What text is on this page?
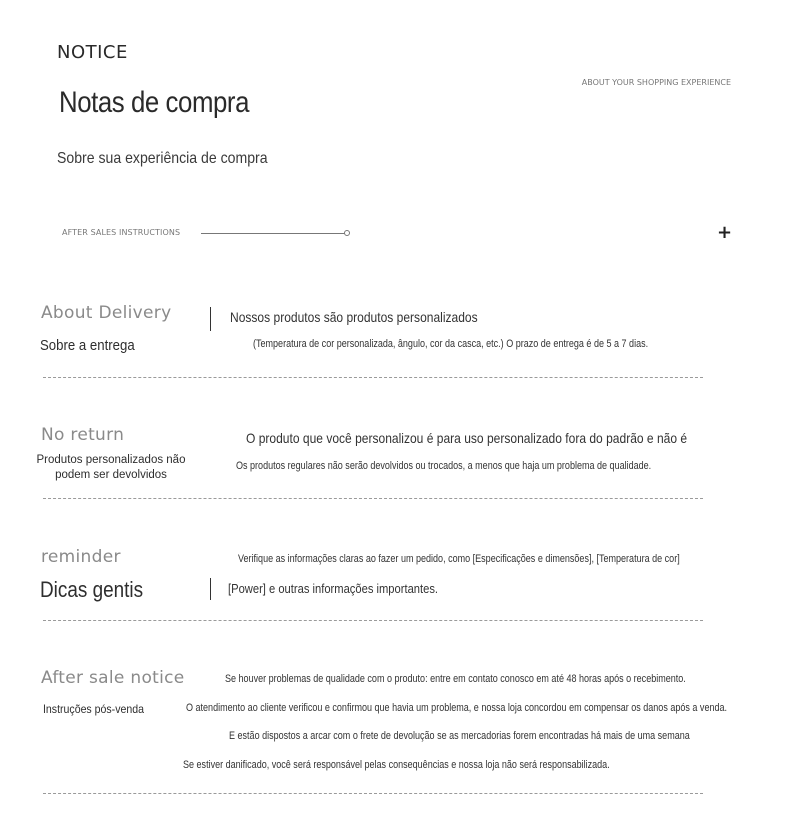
NOTICE
Notas de compra
Sobre sua experiência de compra
ABOUT YOUR SHOPPING EXPERIENCE
AFTER SALES INSTRUCTIONS	+
About Delivery
Sobre a entrega
Nossos produtos são produtos personalizados
(Temperatura de cor personalizada, ângulo, cor da casca, etc.) O prazo de entrega é de 5 a 7 dias.
No return
Produtos personalizados não podem ser devolvidos
O produto que você personalizou é para uso personalizado fora do padrão e não é
Os produtos regulares não serão devolvidos ou trocados, a menos que haja um problema de qualidade.
reminder
Dicas gentis
Verifique as informações claras ao fazer um pedido, como [Especificações e dimensões], [Temperatura de cor]
[Power] e outras informações importantes.
After sale notice
Instruções pós-venda
Se houver problemas de qualidade com o produto: entre em contato conosco em até 48 horas após o recebimento.
O atendimento ao cliente verificou e confirmou que havia um problema, e nossa loja concordou em compensar os danos após a venda.
E estão dispostos a arcar com o frete de devolução se as mercadorias forem encontradas há mais de uma semana
Se estiver danificado, você será responsável pelas consequências e nossa loja não será responsabilizada.
